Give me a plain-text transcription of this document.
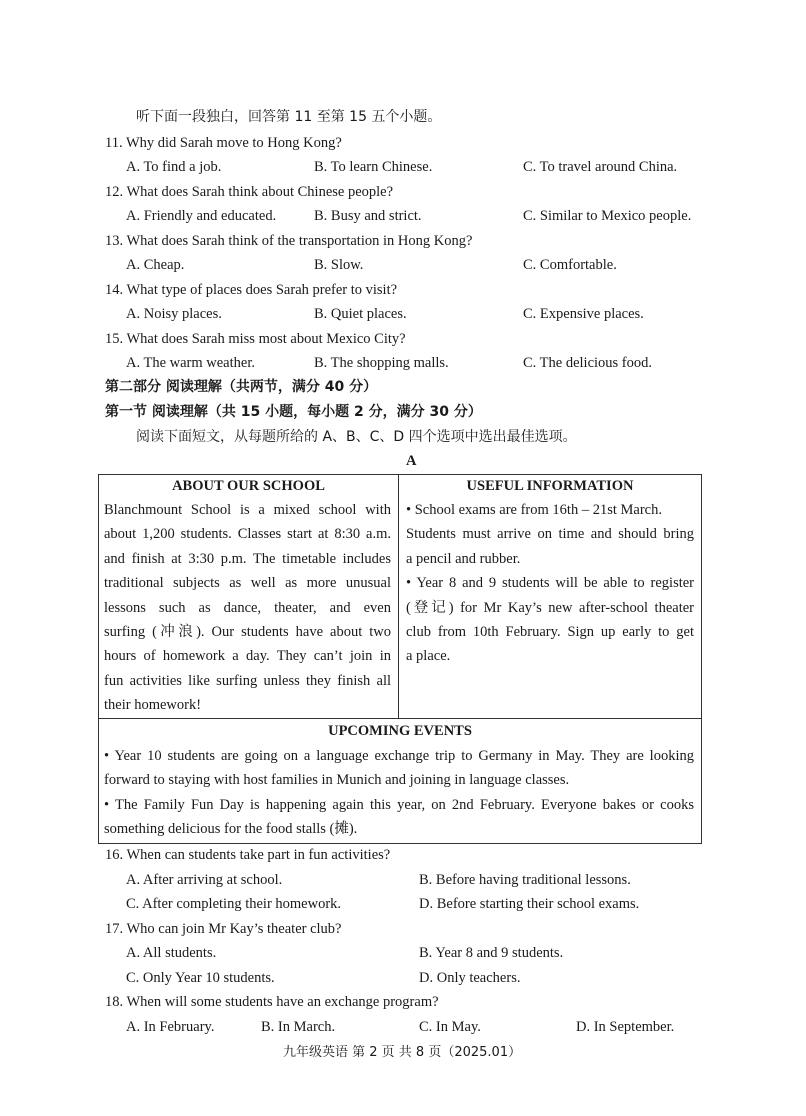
听下面一段独白，回答第 11 至第 15 五个小题。
11. Why did Sarah move to Hong Kong?
A. To find a job.	B. To learn Chinese.	C. To travel around China.
12. What does Sarah think about Chinese people?
A. Friendly and educated.	B. Busy and strict.	C. Similar to Mexico people.
13. What does Sarah think of the transportation in Hong Kong?
A. Cheap.	B. Slow.	C. Comfortable.
14. What type of places does Sarah prefer to visit?
A. Noisy places.	B. Quiet places.	C. Expensive places.
15. What does Sarah miss most about Mexico City?
A. The warm weather.	B. The shopping malls.	C. The delicious food.
第二部分 阅读理解（共两节，满分 40 分）
第一节 阅读理解（共 15 小题，每小题 2 分，满分 30 分）
阅读下面短文，从每题所给的 A、B、C、D 四个选项中选出最佳选项。
A
ABOUT OUR SCHOOL
Blanchmount School is a mixed school with
about 1,200 students. Classes start at 8:30 a.m.
and finish at 3:30 p.m. The timetable includes
traditional subjects as well as more unusual
lessons such as dance, theater, and even
surfing (冲浪). Our students have about two
hours of homework a day. They can’t join in
fun activities like surfing unless they finish all
their homework!
USEFUL INFORMATION
• School exams are from 16th – 21st March.
Students must arrive on time and should bring
a pencil and rubber.
• Year 8 and 9 students will be able to register
(登记) for Mr Kay’s new after-school theater
club from 10th February. Sign up early to get
a place.
UPCOMING EVENTS
• Year 10 students are going on a language exchange trip to Germany in May. They are looking
forward to staying with host families in Munich and joining in language classes.
• The Family Fun Day is happening again this year, on 2nd February. Everyone bakes or cooks
something delicious for the food stalls (摊).
16. When can students take part in fun activities?
A. After arriving at school.	B. Before having traditional lessons.
C. After completing their homework.	D. Before starting their school exams.
17. Who can join Mr Kay’s theater club?
A. All students.	B. Year 8 and 9 students.
C. Only Year 10 students.	D. Only teachers.
18. When will some students have an exchange program?
A. In February.	B. In March.	C. In May.	D. In September.
九年级英语 第 2 页 共 8 页（2025.01）
